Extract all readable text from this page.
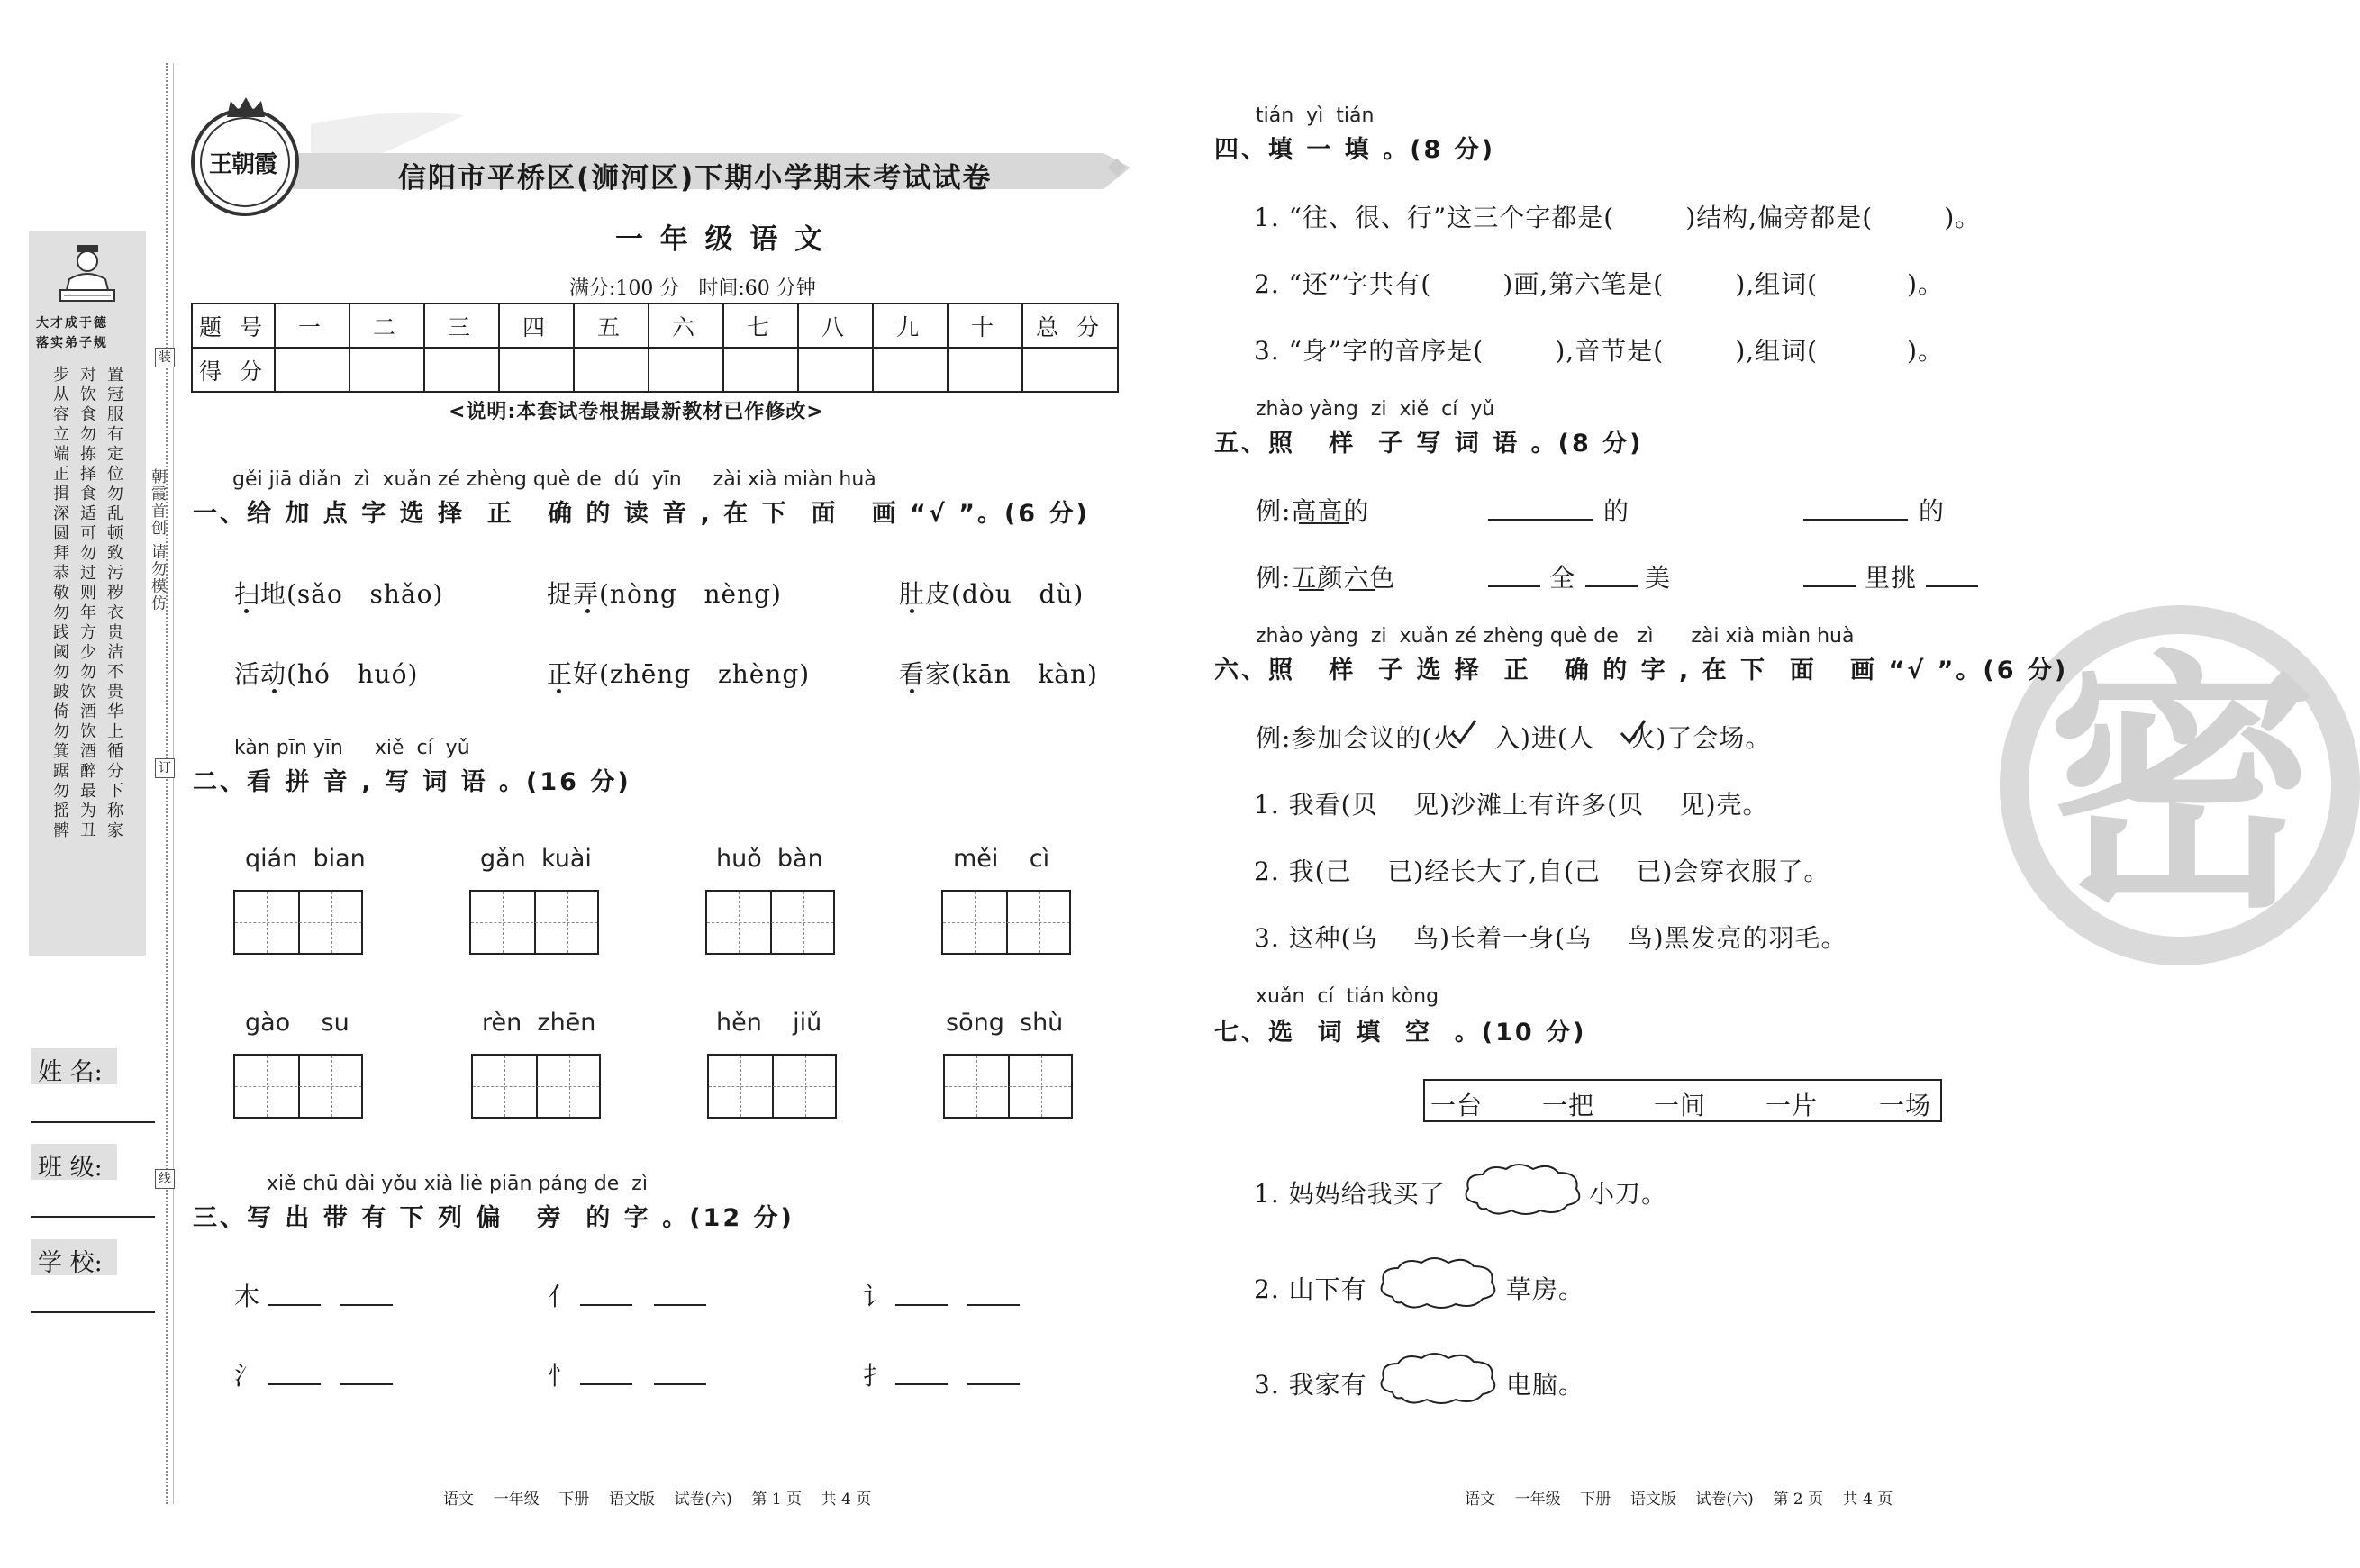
大才成于德
落实弟子规
步从容立端正揖深圆拜恭敬勿践阈勿跛倚勿箕踞勿摇髀
对饮食勿拣择食适可勿过则年方少勿饮酒饮酒醉最为丑
置冠服有定位勿乱顿致污秽衣贵洁不贵华上循分下称家
朝霞首创 请勿模仿
装
订
线
姓 名:
班 级:
学 校:
王朝霞	信阳市平桥区(浉河区)下期小学期末考试试卷
一 年 级 语 文
满分:100 分   时间:60 分钟
题 号	一	二	三	四	五	六	七	八	九	十	总 分
得 分											
<说明:本套试卷根据最新教材已作修改>
gěi jiā diǎn  zì  xuǎn zé zhèng què de  dú  yīn     zài xià miàn huà
一、给 加 点 字 选 择  正   确 的 读 音 , 在 下  面   画 “√ ”。(6 分)
扫地(sǎo   shǎo)	捉弄(nòng   nèng)	肚皮(dòu   dù)
活动(hó   huó)	正好(zhēng   zhèng)	看家(kān   kàn)
kàn pīn yīn     xiě  cí  yǔ
二、看 拼 音 , 写 词 语 。(16 分)
qián  bian	gǎn  kuài	huǒ  bàn	měi    cì
gào    su	rèn  zhēn	hěn    jiǔ	sōng  shù
xiě chū dài yǒu xià liè piān páng de  zì
三、写 出 带 有 下 列 偏   旁  的 字 。(12 分)
木	亻	讠
氵	忄	扌
语文    一年级    下册    语文版    试卷(六)    第 1 页    共 4 页
密
tián  yì  tián
四、填 一 填 。(8 分)
1. “往、很、行”这三个字都是(        )结构,偏旁都是(        )。
2. “还”字共有(        )画,第六笔是(        ),组词(          )。
3. “身”字的音序是(        ),音节是(        ),组词(          )。
zhào yàng  zi  xiě  cí  yǔ
五、照   样  子 写 词 语 。(8 分)
例:高高的	的	的
例:五颜六色	全	美	里挑
zhào yàng  zi  xuǎn zé zhèng què de   zì      zài xià miàn huà
六、照   样  子 选 择  正   确 的 字 , 在 下  面   画 “√ ”。(6 分)
例:参加会议的(火    入)进(人    火)了会场。
1. 我看(贝    见)沙滩上有许多(贝    见)壳。
2. 我(己    已)经长大了,自(己    已)会穿衣服了。
3. 这种(乌    鸟)长着一身(乌    鸟)黑发亮的羽毛。
xuǎn  cí  tián kòng
七、选  词 填  空  。(10 分)
一台 一把 一间 一片 一场
1. 妈妈给我买了	小刀。
2. 山下有	草房。
3. 我家有	电脑。
语文    一年级    下册    语文版    试卷(六)    第 2 页    共 4 页
